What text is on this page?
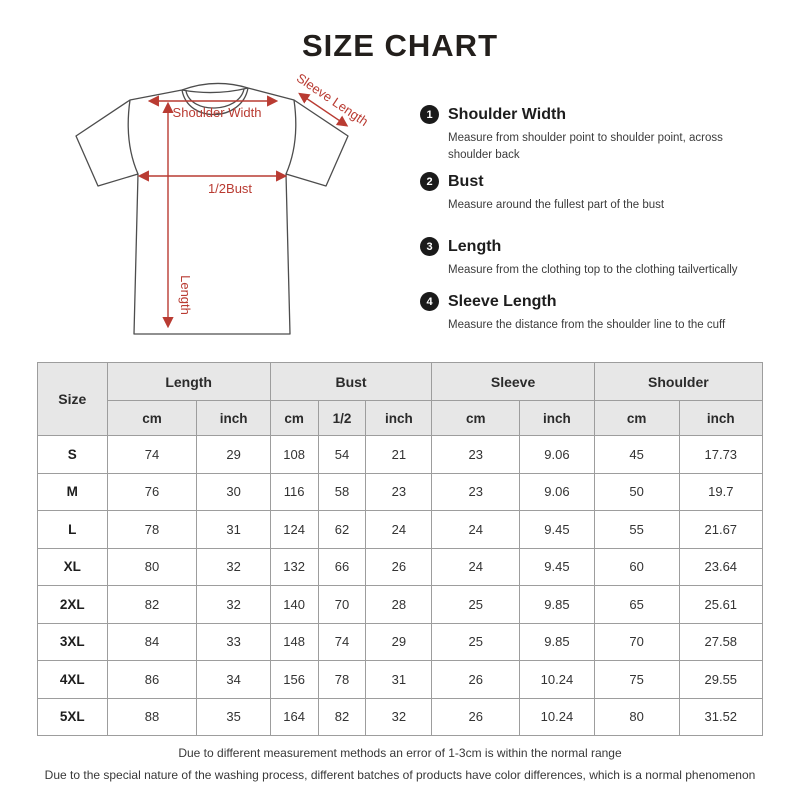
SIZE CHART
Shoulder Width
1/2Bust
Length
Sleeve Length	1 Shoulder Width
Measure from shoulder point to shoulder point, across shoulder back
2 Bust
Measure around the fullest part of the bust
3 Length
Measure from the clothing top to the clothing tailvertically
4 Sleeve Length
Measure the distance from the shoulder line to the cuff
Size	Length		Bust			Sleeve		Shoulder	
	cm	inch	cm	1/2	inch	cm	inch	cm	inch
S	74	29	108	54	21	23	9.06	45	17.73
M	76	30	116	58	23	23	9.06	50	19.7
L	78	31	124	62	24	24	9.45	55	21.67
XL	80	32	132	66	26	24	9.45	60	23.64
2XL	82	32	140	70	28	25	9.85	65	25.61
3XL	84	33	148	74	29	25	9.85	70	27.58
4XL	86	34	156	78	31	26	10.24	75	29.55
5XL	88	35	164	82	32	26	10.24	80	31.52
Due to different measurement methods an error of 1-3cm is within the normal range
Due to the special nature of the washing process, different batches of products have color differences, which is a normal phenomenon
